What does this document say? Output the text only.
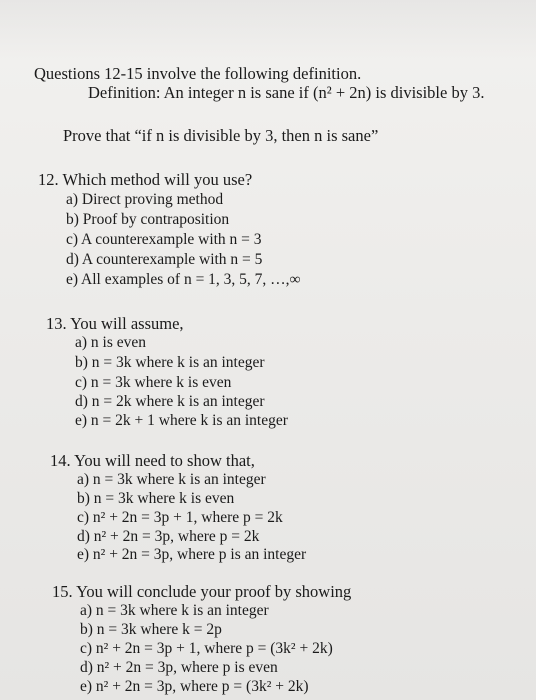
Questions 12-15 involve the following definition.
Definition: An integer n is sane if (n² + 2n) is divisible by 3.
Prove that “if n is divisible by 3, then n is sane”
12. Which method will you use?
a) Direct proving method
b) Proof by contraposition
c) A counterexample with n = 3
d) A counterexample with n = 5
e) All examples of n = 1, 3, 5, 7, …,∞
13. You will assume,
a) n is even
b) n = 3k where k is an integer
c) n = 3k where k is even
d) n = 2k where k is an integer
e) n = 2k + 1 where k is an integer
14. You will need to show that,
a) n = 3k where k is an integer
b) n = 3k where k is even
c) n² + 2n = 3p + 1, where p = 2k
d) n² + 2n = 3p, where p = 2k
e) n² + 2n = 3p, where p is an integer
15. You will conclude your proof by showing
a) n = 3k where k is an integer
b) n = 3k where k = 2p
c) n² + 2n = 3p + 1, where p = (3k² + 2k)
d) n² + 2n = 3p, where p is even
e) n² + 2n = 3p, where p = (3k² + 2k)
